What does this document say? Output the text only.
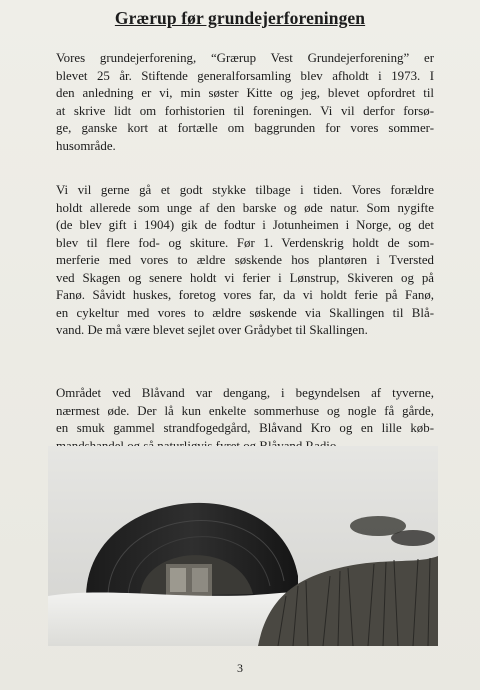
Grærup før grundejerforeningen

Vores grundejerforening, “Grærup Vest Grundejerforening” er
blevet 25 år. Stiftende generalforsamling blev afholdt i 1973. I
den anledning er vi, min søster Kitte og jeg, blevet opfordret til
at skrive lidt om forhistorien til foreningen. Vi vil derfor forsø-
ge, ganske kort at fortælle om baggrunden for vores sommer-
husområde.

Vi vil gerne gå et godt stykke tilbage i tiden. Vores forældre
holdt allerede som unge af den barske og øde natur. Som nygifte
(de blev gift i 1904) gik de fodtur i Jotunheimen i Norge, og det
blev til flere fod- og skiture. Før 1. Verdenskrig holdt de som-
merferie med vores to ældre søskende hos plantøren i Tversted
ved Skagen og senere holdt vi ferier i Lønstrup, Skiveren og på
Fanø. Såvidt huskes, foretog vores far, da vi holdt ferie på Fanø,
en cykeltur med vores to ældre søskende via Skallingen til Blå-
vand. De må være blevet sejlet over Grådybet til Skallingen.

Området ved Blåvand var dengang, i begyndelsen af tyverne,
nærmest øde. Der lå kun enkelte sommerhuse og nogle få gårde,
en smuk gammel strandfogedgård, Blåvand Kro og en lille køb-

3
